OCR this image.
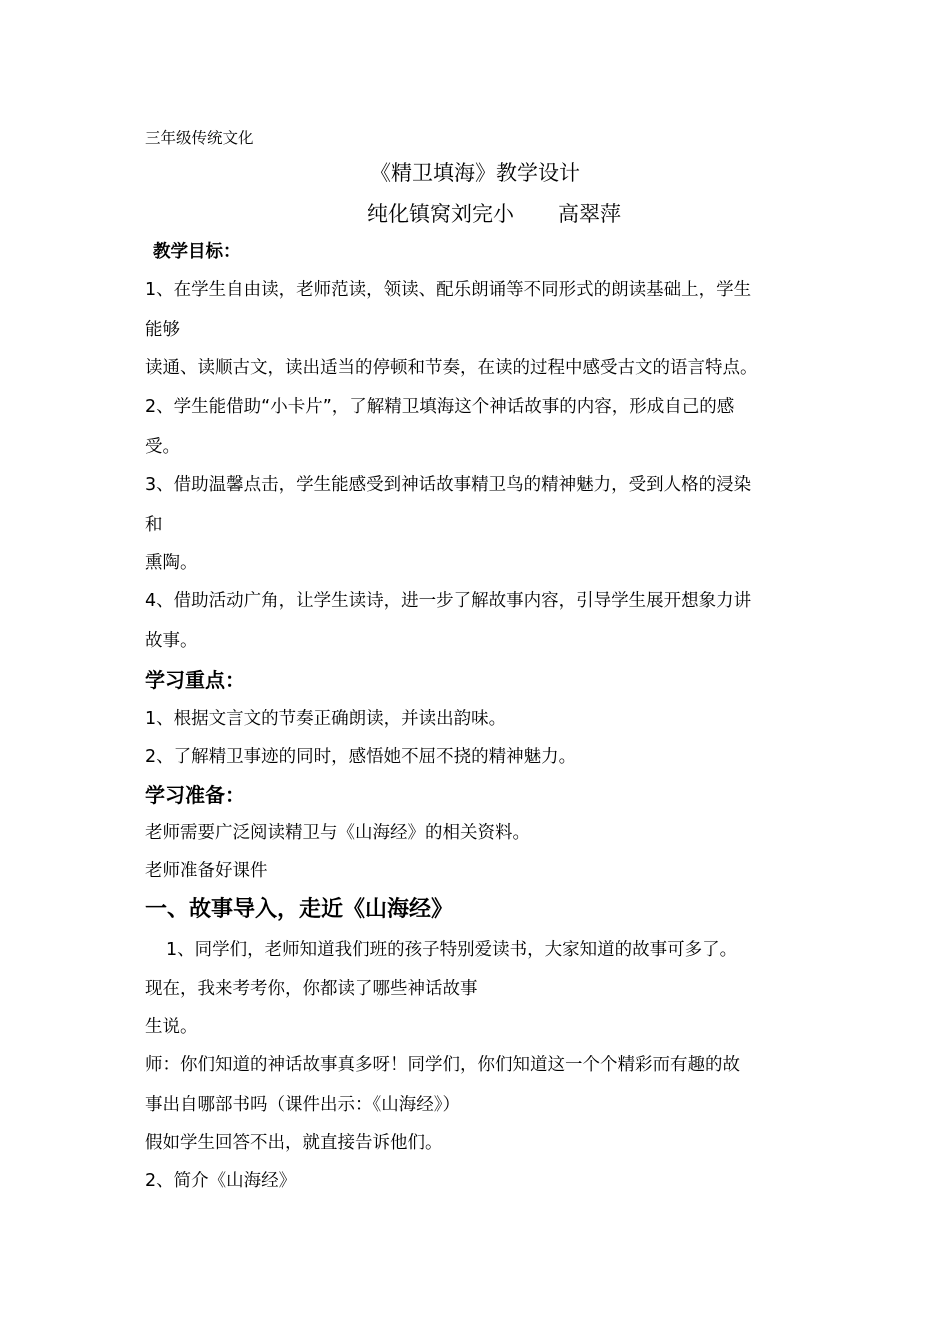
三年级传统文化
《精卫填海》教学设计
纯化镇窝刘完小 高翠萍
教学目标：
1、在学生自由读，老师范读，领读、配乐朗诵等不同形式的朗读基础上，学生
能够
读通、读顺古文，读出适当的停顿和节奏，在读的过程中感受古文的语言特点。
2、学生能借助“小卡片”，了解精卫填海这个神话故事的内容，形成自己的感
受。
3、借助温馨点击，学生能感受到神话故事精卫鸟的精神魅力，受到人格的浸染
和
熏陶。
4、借助活动广角，让学生读诗，进一步了解故事内容，引导学生展开想象力讲
故事。
学习重点：
1、根据文言文的节奏正确朗读，并读出韵味。
2、了解精卫事迹的同时，感悟她不屈不挠的精神魅力。
学习准备：
老师需要广泛阅读精卫与《山海经》的相关资料。
老师准备好课件
一、故事导入，走近《山海经》
1、同学们，老师知道我们班的孩子特别爱读书，大家知道的故事可多了。
现在，我来考考你，你都读了哪些神话故事
生说。
师：你们知道的神话故事真多呀！同学们，你们知道这一个个精彩而有趣的故
事出自哪部书吗（课件出示：《山海经》）
假如学生回答不出，就直接告诉他们。
2、简介《山海经》
